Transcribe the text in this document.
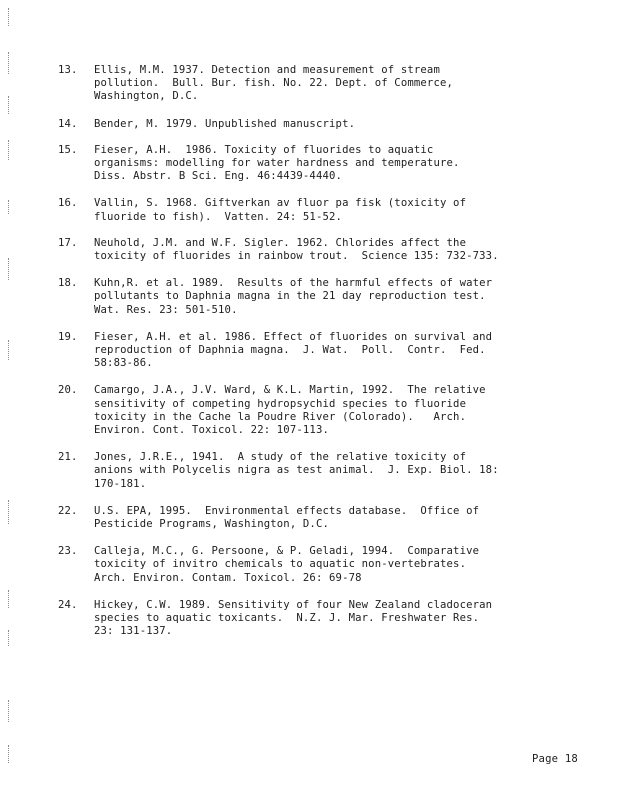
13.	Ellis, M.M. 1937. Detection and measurement of stream
pollution.  Bull. Bur. fish. No. 22. Dept. of Commerce,
Washington, D.C.
14.	Bender, M. 1979. Unpublished manuscript.
15.	Fieser, A.H.  1986. Toxicity of fluorides to aquatic
organisms: modelling for water hardness and temperature.
Diss. Abstr. B Sci. Eng. 46:4439-4440.
16.	Vallin, S. 1968. Giftverkan av fluor pa fisk (toxicity of
fluoride to fish).  Vatten. 24: 51-52.
17.	Neuhold, J.M. and W.F. Sigler. 1962. Chlorides affect the
toxicity of fluorides in rainbow trout.  Science 135: 732-733.
18.	Kuhn,R. et al. 1989.  Results of the harmful effects of water
pollutants to Daphnia magna in the 21 day reproduction test.
Wat. Res. 23: 501-510.
19.	Fieser, A.H. et al. 1986. Effect of fluorides on survival and
reproduction of Daphnia magna.  J. Wat.  Poll.  Contr.  Fed.
58:83-86.
20.	Camargo, J.A., J.V. Ward, & K.L. Martin, 1992.  The relative
sensitivity of competing hydropsychid species to fluoride
toxicity in the Cache la Poudre River (Colorado).   Arch.
Environ. Cont. Toxicol. 22: 107-113.
21.	Jones, J.R.E., 1941.  A study of the relative toxicity of
anions with Polycelis nigra as test animal.  J. Exp. Biol. 18:
170-181.
22.	U.S. EPA, 1995.  Environmental effects database.  Office of
Pesticide Programs, Washington, D.C.
23.	Calleja, M.C., G. Persoone, & P. Geladi, 1994.  Comparative
toxicity of invitro chemicals to aquatic non-vertebrates.
Arch. Environ. Contam. Toxicol. 26: 69-78
24.	Hickey, C.W. 1989. Sensitivity of four New Zealand cladoceran
species to aquatic toxicants.  N.Z. J. Mar. Freshwater Res.
23: 131-137.
Page 18
